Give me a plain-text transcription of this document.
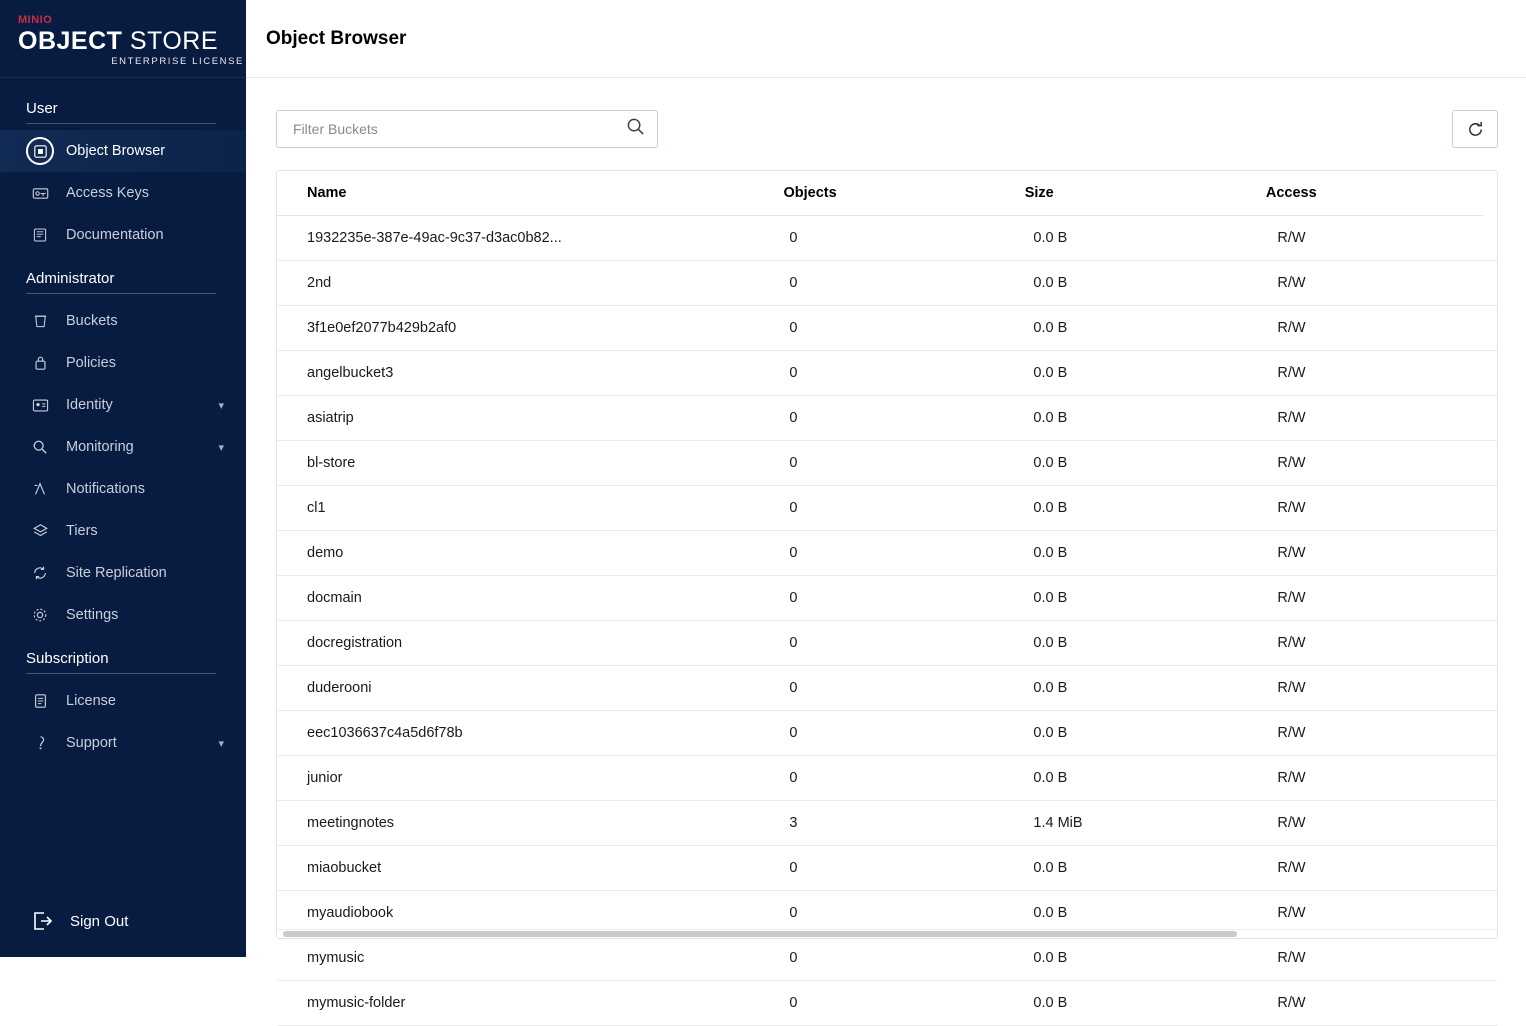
MINIO
OBJECT STORE
ENTERPRISE LICENSE
User
Object Browser
Access Keys
Documentation
Administrator
Buckets
Policies
Identity	▾
Monitoring	▾
Notifications
Tiers
Site Replication
Settings
Subscription
License
Support	▾
Sign Out
Object Browser
Filter Buckets
Name	Objects	Size	Access
1932235e-387e-49ac-9c37-d3ac0b82...	0	0.0 B	R/W
2nd	0	0.0 B	R/W
3f1e0ef2077b429b2af0	0	0.0 B	R/W
angelbucket3	0	0.0 B	R/W
asiatrip	0	0.0 B	R/W
bl-store	0	0.0 B	R/W
cl1	0	0.0 B	R/W
demo	0	0.0 B	R/W
docmain	0	0.0 B	R/W
docregistration	0	0.0 B	R/W
duderooni	0	0.0 B	R/W
eec1036637c4a5d6f78b	0	0.0 B	R/W
junior	0	0.0 B	R/W
meetingnotes	3	1.4 MiB	R/W
miaobucket	0	0.0 B	R/W
myaudiobook	0	0.0 B	R/W
mymusic	0	0.0 B	R/W
mymusic-folder	0	0.0 B	R/W
